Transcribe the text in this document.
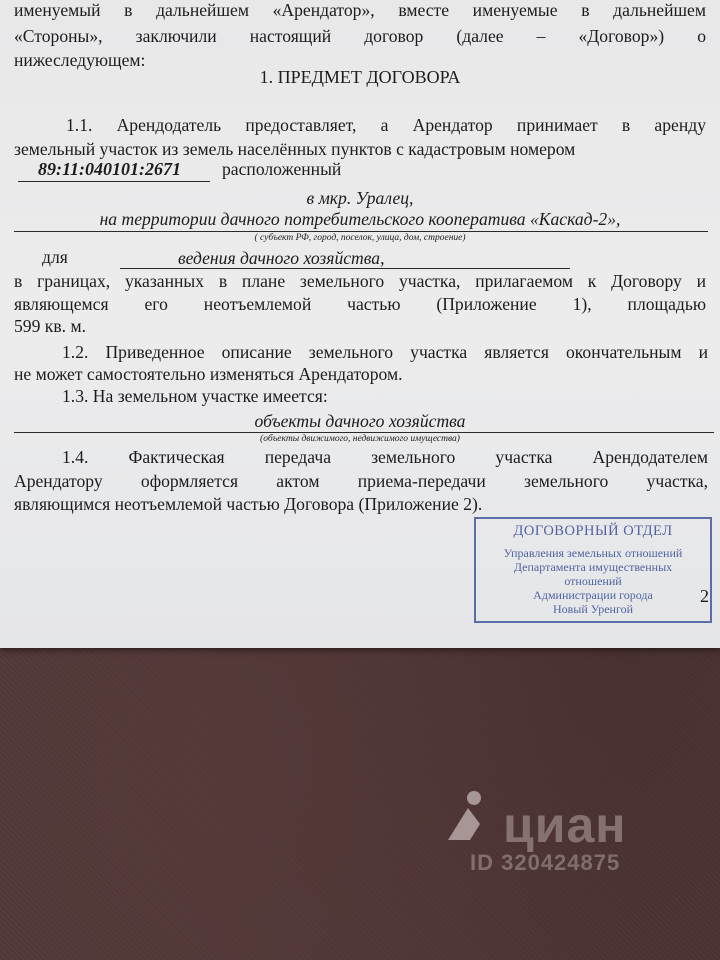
именуемый в дальнейшем «Арендатор», вместе именуемые в дальнейшем
«Стороны», заключили настоящий договор (далее – «Договор») о
нижеследующем:
1. ПРЕДМЕТ ДОГОВОРА
1.1. Арендодатель предоставляет, а Арендатор принимает в аренду
земельный участок из земель населённых пунктов с кадастровым номером
89:11:040101:2671 расположенный
в мкр. Уралец,
на территории дачного потребительского кооператива «Каскад-2»,
( субъект РФ, город, поселок, улица, дом, строение)
для	ведения дачного хозяйства,
в границах, указанных в плане земельного участка, прилагаемом к Договору и
являющемся его неотъемлемой частью (Приложение 1), площадью
599 кв. м.
1.2. Приведенное описание земельного участка является окончательным и
не может самостоятельно изменяться Арендатором.
1.3. На земельном участке имеется:
объекты дачного хозяйства
(объекты движимого, недвижимого имущества)
1.4. Фактическая передача земельного участка Арендодателем
Арендатору оформляется актом приема-передачи земельного участка,
являющимся неотъемлемой частью Договора (Приложение 2).
ДОГОВОРНЫЙ ОТДЕЛ
Управления земельных отношений
Департамента имущественных
отношений
Администрации города
Новый Уренгой
2
циан
ID 320424875
